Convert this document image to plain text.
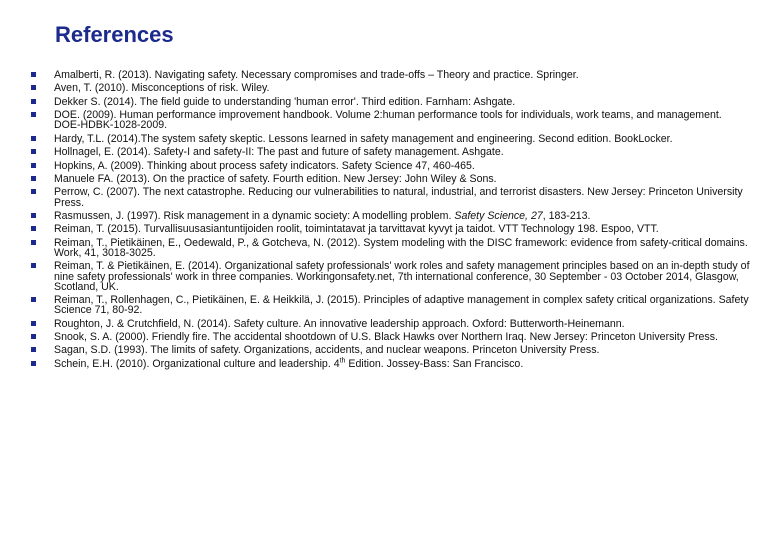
References
Amalberti, R. (2013). Navigating safety. Necessary compromises and trade-offs – Theory and practice. Springer.
Aven, T. (2010). Misconceptions of risk. Wiley.
Dekker S. (2014). The field guide to understanding 'human error'. Third edition. Farnham: Ashgate.
DOE. (2009). Human performance improvement handbook. Volume 2:human performance tools for individuals, work teams, and management. DOE-HDBK-1028-2009.
Hardy, T.L. (2014).The system safety skeptic. Lessons learned in safety management and engineering. Second edition. BookLocker.
Hollnagel, E. (2014). Safety-I and safety-II: The past and future of safety management. Ashgate.
Hopkins, A. (2009). Thinking about process safety indicators. Safety Science 47, 460-465.
Manuele FA. (2013). On the practice of safety. Fourth edition. New Jersey: John Wiley & Sons.
Perrow, C. (2007). The next catastrophe. Reducing our vulnerabilities to natural, industrial, and terrorist disasters. New Jersey: Princeton University Press.
Rasmussen, J. (1997). Risk management in a dynamic society: A modelling problem. Safety Science, 27, 183-213.
Reiman, T. (2015). Turvallisuusasiantuntijoiden roolit, toimintatavat ja tarvittavat kyvyt ja taidot. VTT Technology 198. Espoo, VTT.
Reiman, T., Pietikäinen, E., Oedewald, P., & Gotcheva, N. (2012). System modeling with the DISC framework: evidence from safety-critical domains. Work, 41, 3018-3025.
Reiman, T. & Pietikäinen, E. (2014). Organizational safety professionals' work roles and safety management principles based on an in-depth study of nine safety professionals' work in three companies. Workingonsafety.net, 7th international conference, 30 September - 03 October 2014, Glasgow, Scotland, UK.
Reiman, T., Rollenhagen, C., Pietikäinen, E. & Heikkilä, J. (2015). Principles of adaptive management in complex safety critical organizations. Safety Science 71, 80-92.
Roughton, J. & Crutchfield, N. (2014). Safety culture. An innovative leadership approach. Oxford: Butterworth-Heinemann.
Snook, S. A. (2000). Friendly fire. The accidental shootdown of U.S. Black Hawks over Northern Iraq. New Jersey: Princeton University Press.
Sagan, S.D. (1993). The limits of safety. Organizations, accidents, and nuclear weapons. Princeton University Press.
Schein, E.H. (2010). Organizational culture and leadership. 4th Edition. Jossey-Bass: San Francisco.
